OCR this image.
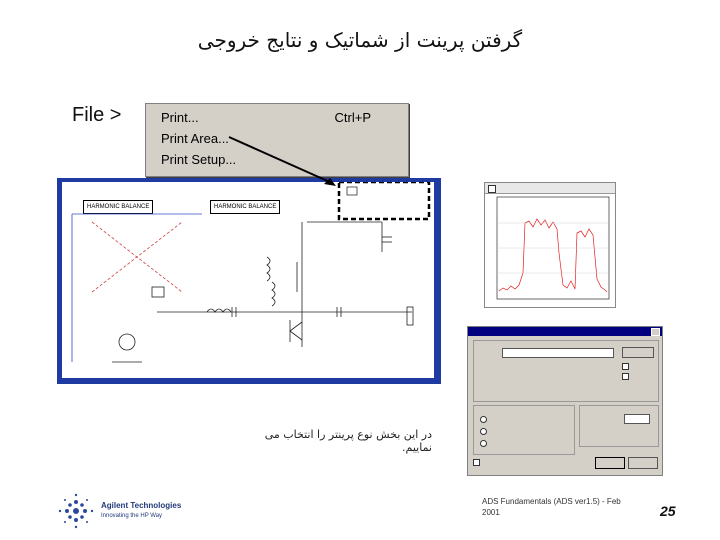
گرفتن پرینت از شماتیک و نتایج خروجی
File >	Print...	Ctrl+P
Print Area...
Print Setup...
HARMONIC BALANCE	HARMONIC BALANCE
در این بخش نوع پرینتر را انتخاب می نماییم.
Agilent Technologies
Innovating the HP Way
ADS Fundamentals (ADS ver1.5) - Feb
2001	25
